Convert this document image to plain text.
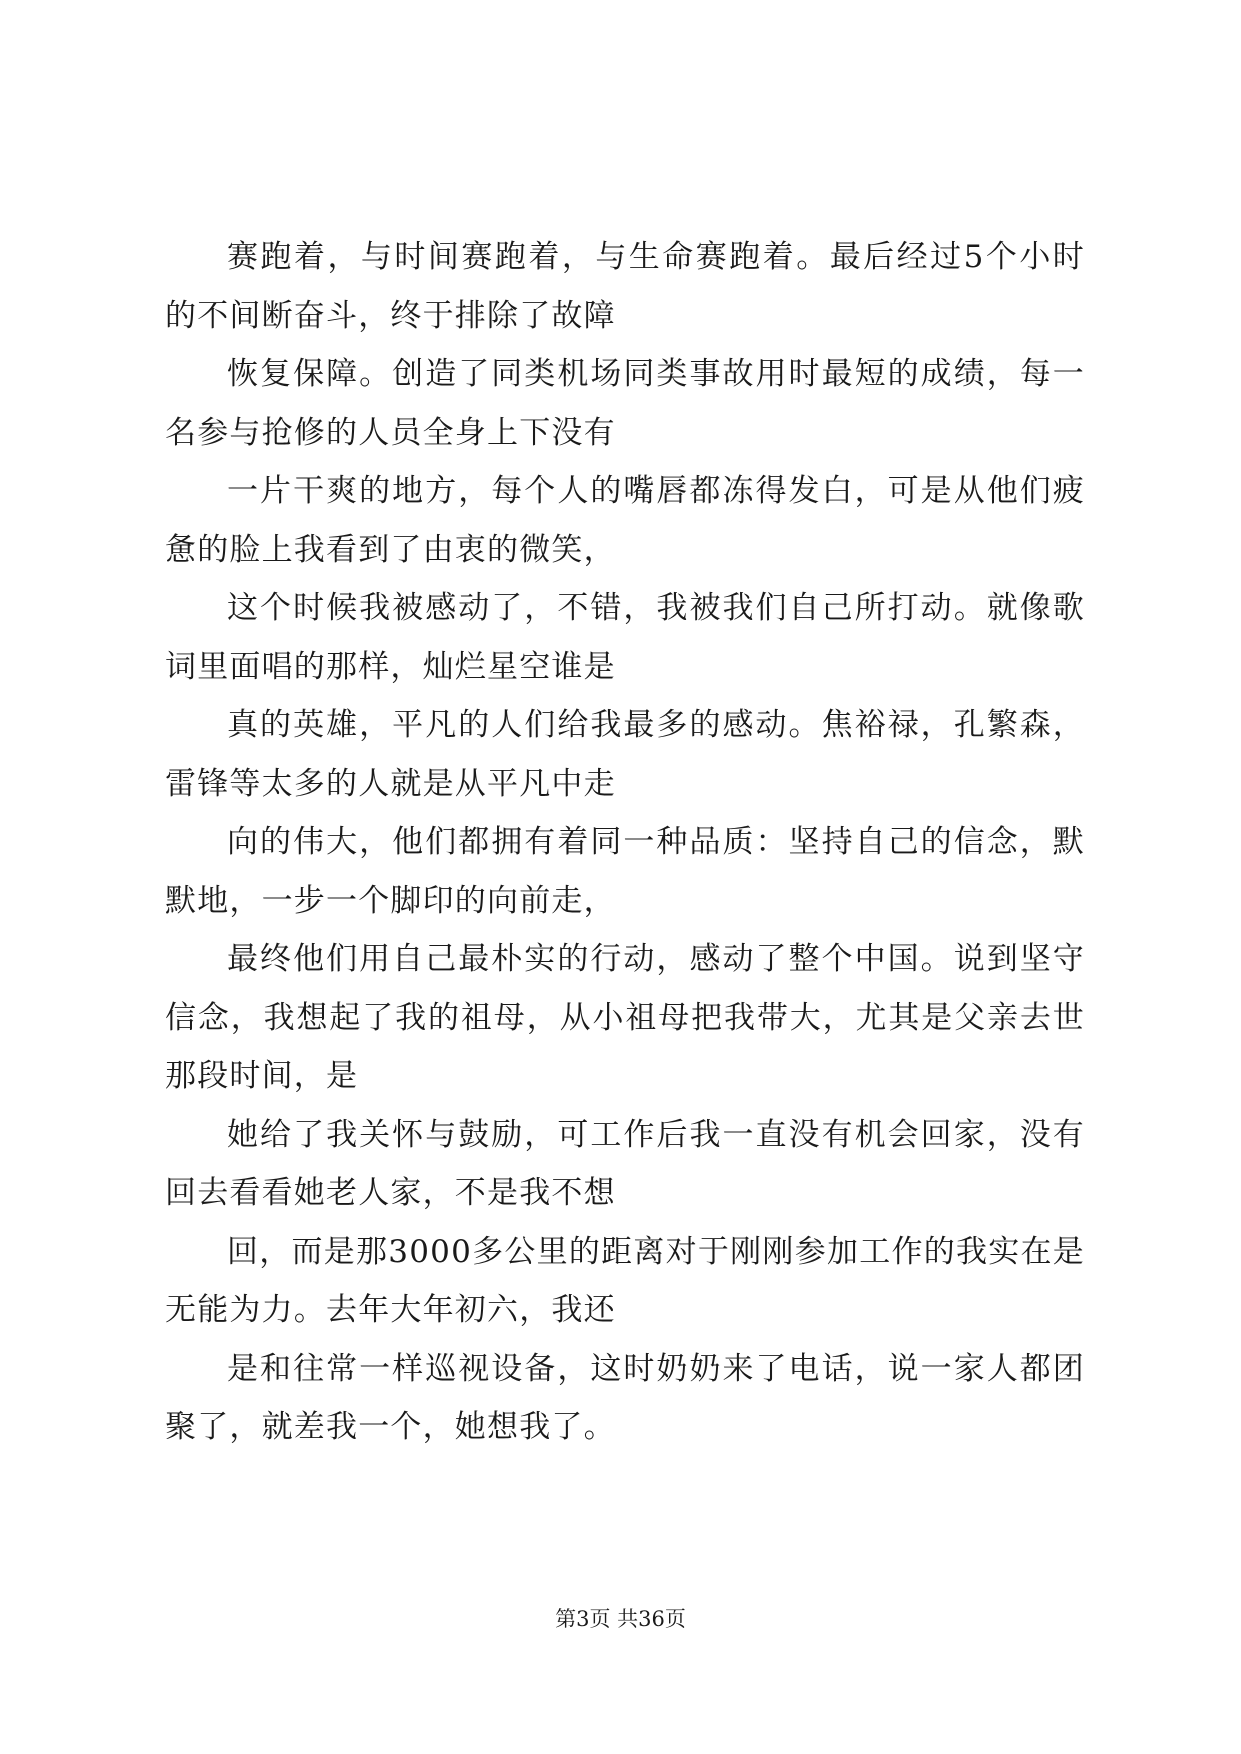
赛跑着，与时间赛跑着，与生命赛跑着。最后经过5个小时的不间断奋斗，终于排除了故障

恢复保障。创造了同类机场同类事故用时最短的成绩，每一名参与抢修的人员全身上下没有

一片干爽的地方，每个人的嘴唇都冻得发白，可是从他们疲惫的脸上我看到了由衷的微笑，

这个时候我被感动了，不错，我被我们自己所打动。就像歌词里面唱的那样，灿烂星空谁是

真的英雄，平凡的人们给我最多的感动。焦裕禄，孔繁森，雷锋等太多的人就是从平凡中走

向的伟大，他们都拥有着同一种品质：坚持自己的信念，默默地，一步一个脚印的向前走，

最终他们用自己最朴实的行动，感动了整个中国。说到坚守信念，我想起了我的祖母，从小祖母把我带大，尤其是父亲去世那段时间，是

她给了我关怀与鼓励，可工作后我一直没有机会回家，没有回去看看她老人家，不是我不想

回，而是那3000多公里的距离对于刚刚参加工作的我实在是无能为力。去年大年初六，我还

是和往常一样巡视设备，这时奶奶来了电话，说一家人都团聚了，就差我一个，她想我了。

第3页 共36页
